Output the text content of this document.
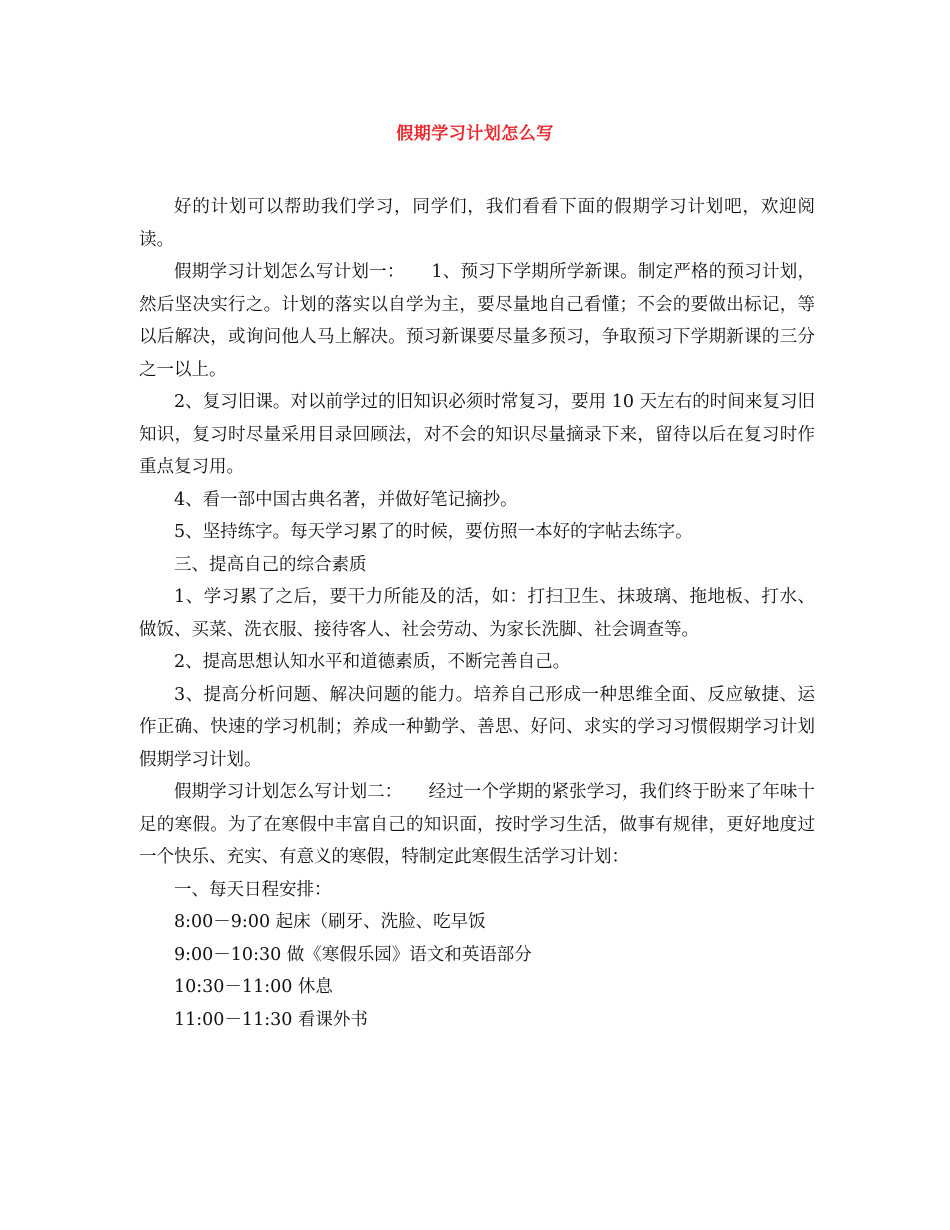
假期学习计划怎么写

好的计划可以帮助我们学习，同学们，我们看看下面的假期学习计划吧，欢迎阅读。

假期学习计划怎么写计划一：　　1、预习下学期所学新课。制定严格的预习计划，然后坚决实行之。计划的落实以自学为主，要尽量地自己看懂；不会的要做出标记，等以后解决，或询问他人马上解决。预习新课要尽量多预习，争取预习下学期新课的三分之一以上。

2、复习旧课。对以前学过的旧知识必须时常复习，要用 10 天左右的时间来复习旧知识，复习时尽量采用目录回顾法，对不会的知识尽量摘录下来，留待以后在复习时作重点复习用。

4、看一部中国古典名著，并做好笔记摘抄。

5、坚持练字。每天学习累了的时候，要仿照一本好的字帖去练字。

三、提高自己的综合素质

1、学习累了之后，要干力所能及的活，如：打扫卫生、抹玻璃、拖地板、打水、做饭、买菜、洗衣服、接待客人、社会劳动、为家长洗脚、社会调查等。

2、提高思想认知水平和道德素质，不断完善自己。

3、提高分析问题、解决问题的能力。培养自己形成一种思维全面、反应敏捷、运作正确、快速的学习机制；养成一种勤学、善思、好问、求实的学习习惯假期学习计划假期学习计划。

假期学习计划怎么写计划二：　　经过一个学期的紧张学习，我们终于盼来了年味十足的寒假。为了在寒假中丰富自己的知识面，按时学习生活，做事有规律，更好地度过一个快乐、充实、有意义的寒假，特制定此寒假生活学习计划：

一、每天日程安排：

8:00－9:00 起床（刷牙、洗脸、吃早饭

9:00－10:30 做《寒假乐园》语文和英语部分

10:30－11:00 休息

11:00－11:30 看课外书
